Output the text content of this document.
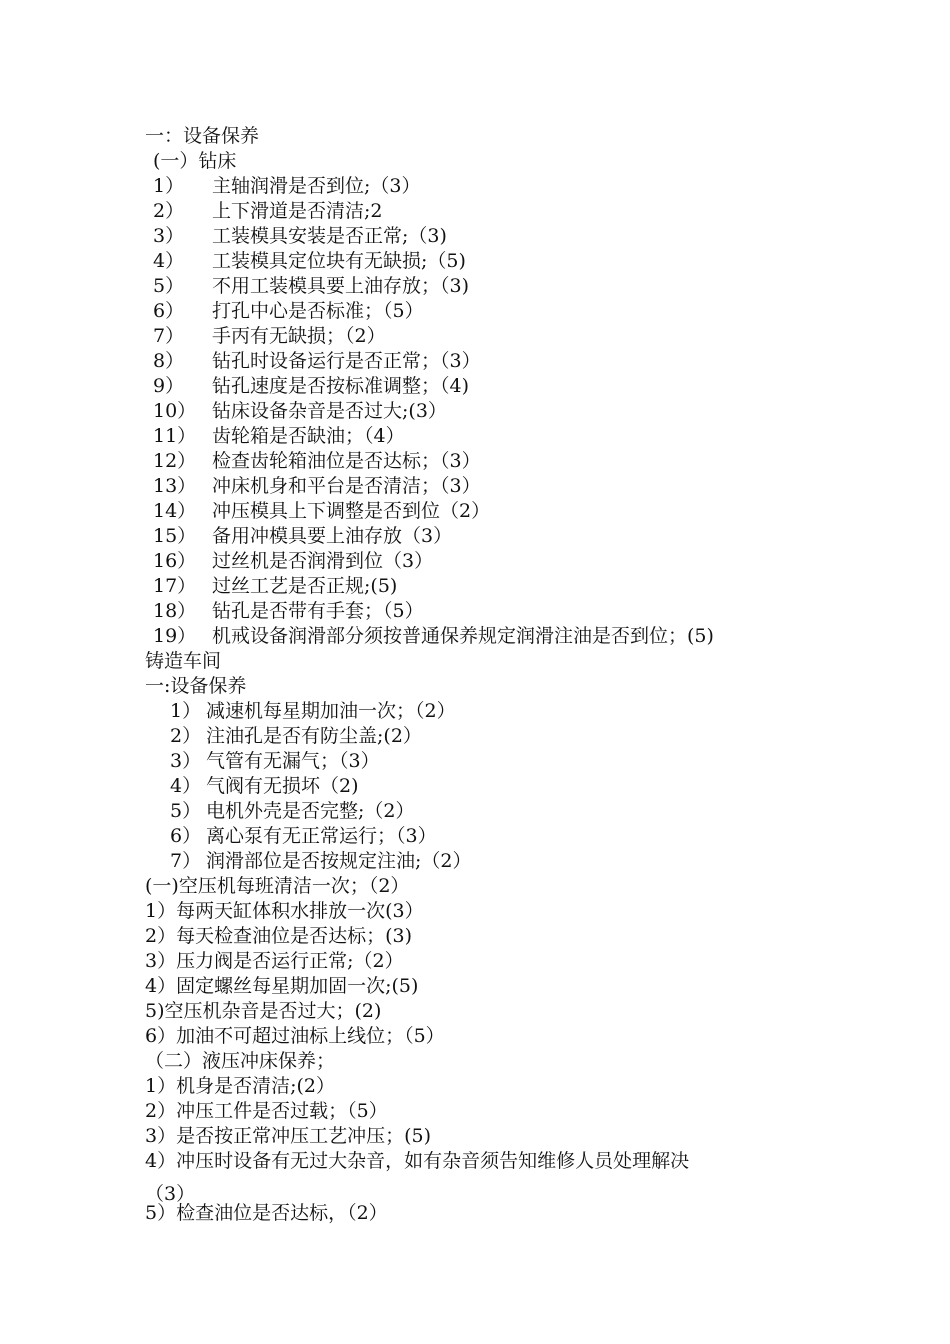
一：设备保养
(一）钻床
1） 主轴润滑是否到位;（3）
2） 上下滑道是否清洁;2
3） 工装模具安装是否正常;（3)
4） 工装模具定位块有无缺损;（5)
5） 不用工装模具要上油存放；（3)
6） 打孔中心是否标准；（5）
7） 手丙有无缺损；（2）
8） 钻孔时设备运行是否正常；（3）
9） 钻孔速度是否按标准调整；（4)
10） 钻床设备杂音是否过大;(3）
11） 齿轮箱是否缺油；（4）
12） 检查齿轮箱油位是否达标；（3）
13） 冲床机身和平台是否清洁；（3）
14） 冲压模具上下调整是否到位（2）
15） 备用冲模具要上油存放（3）
16） 过丝机是否润滑到位（3）
17） 过丝工艺是否正规;(5)
18） 钻孔是否带有手套；（5）
19） 机戒设备润滑部分须按普通保养规定润滑注油是否到位；(5)
铸造车间
一:设备保养
1） 减速机每星期加油一次；（2）
2） 注油孔是否有防尘盖;(2）
3） 气管有无漏气；（3）
4） 气阀有无损坏（2)
5） 电机外壳是否完整;（2）
6） 离心泵有无正常运行；（3）
7） 润滑部位是否按规定注油;（2）
(一)空压机每班清洁一次；（2）
1）每两天缸体积水排放一次(3）
2）每天检查油位是否达标；(3)
3）压力阀是否运行正常;（2）
4）固定螺丝每星期加固一次;(5)
5)空压机杂音是否过大；(2)
6）加油不可超过油标上线位；（5）
（二）液压冲床保养；
1）机身是否清洁;(2）
2）冲压工件是否过载；（5）
3）是否按正常冲压工艺冲压；(5)
4）冲压时设备有无过大杂音，如有杂音须告知维修人员处理解决
（3）
5）检查油位是否达标，（2）
